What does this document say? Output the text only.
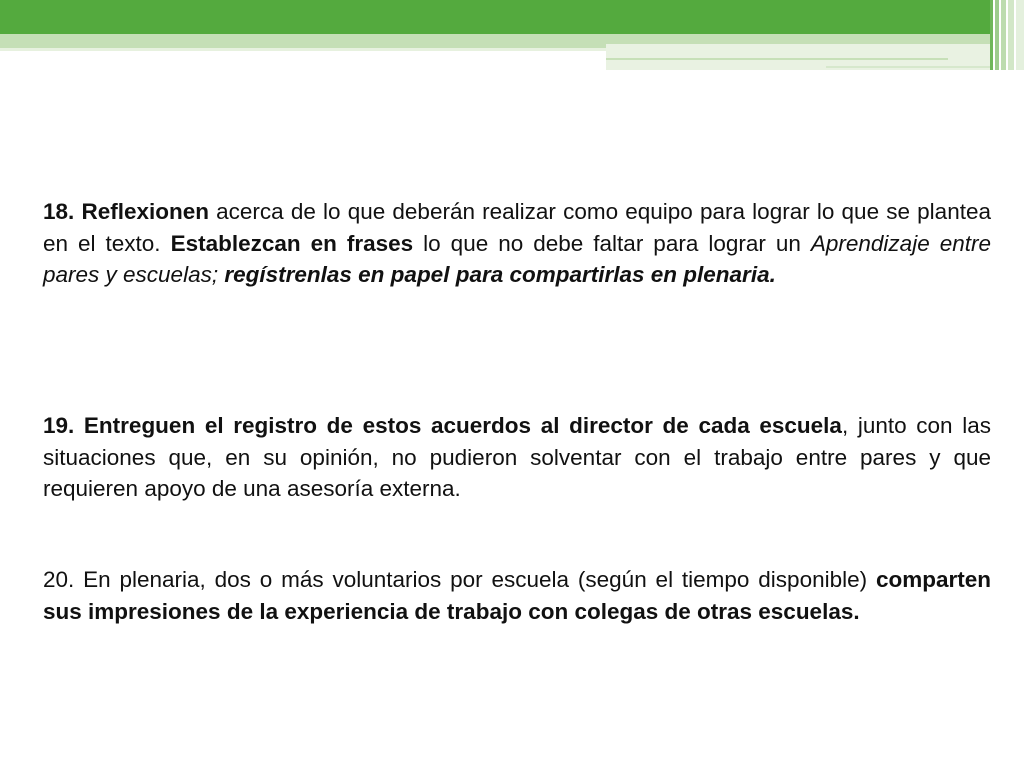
18. Reflexionen acerca de lo que deberán realizar como equipo para lograr lo que se plantea en el texto. Establezcan en frases lo que no debe faltar para lograr un Aprendizaje entre pares y escuelas; regístrenlas en papel para compartirlas en plenaria.

19. Entreguen el registro de estos acuerdos al director de cada escuela, junto con las situaciones que, en su opinión, no pudieron solventar con el trabajo entre pares y que requieren apoyo de una asesoría externa.

20. En plenaria, dos o más voluntarios por escuela (según el tiempo disponible) comparten sus impresiones de la experiencia de trabajo con colegas de otras escuelas.
